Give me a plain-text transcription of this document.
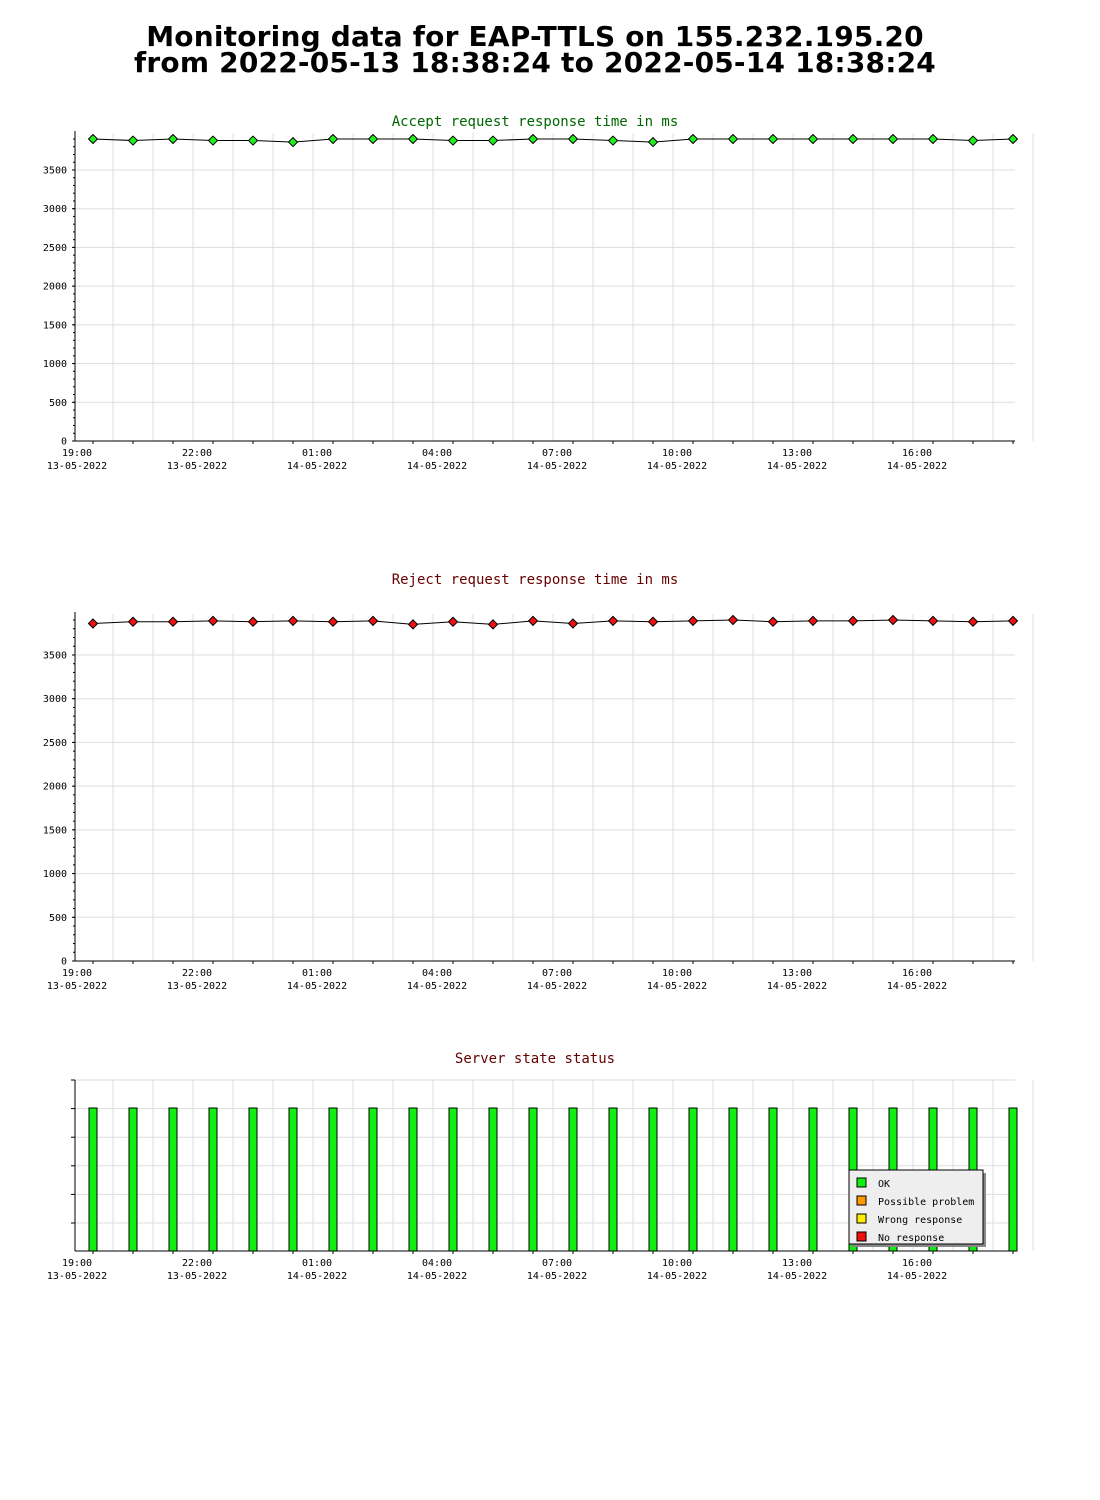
Monitoring data for EAP-TTLS on 155.232.195.20
from 2022-05-13 18:38:24 to 2022-05-14 18:38:24
Accept request response time in ms
0
500
1000
1500
2000
2500
3000
3500
19:00
13-05-2022
22:00
13-05-2022
01:00
14-05-2022
04:00
14-05-2022
07:00
14-05-2022
10:00
14-05-2022
13:00
14-05-2022
16:00
14-05-2022
Reject request response time in ms
0
500
1000
1500
2000
2500
3000
3500
19:00
13-05-2022
22:00
13-05-2022
01:00
14-05-2022
04:00
14-05-2022
07:00
14-05-2022
10:00
14-05-2022
13:00
14-05-2022
16:00
14-05-2022
Server state status
19:00
13-05-2022
22:00
13-05-2022
01:00
14-05-2022
04:00
14-05-2022
07:00
14-05-2022
10:00
14-05-2022
13:00
14-05-2022
16:00
14-05-2022
OK
Possible problem
Wrong response
No response
